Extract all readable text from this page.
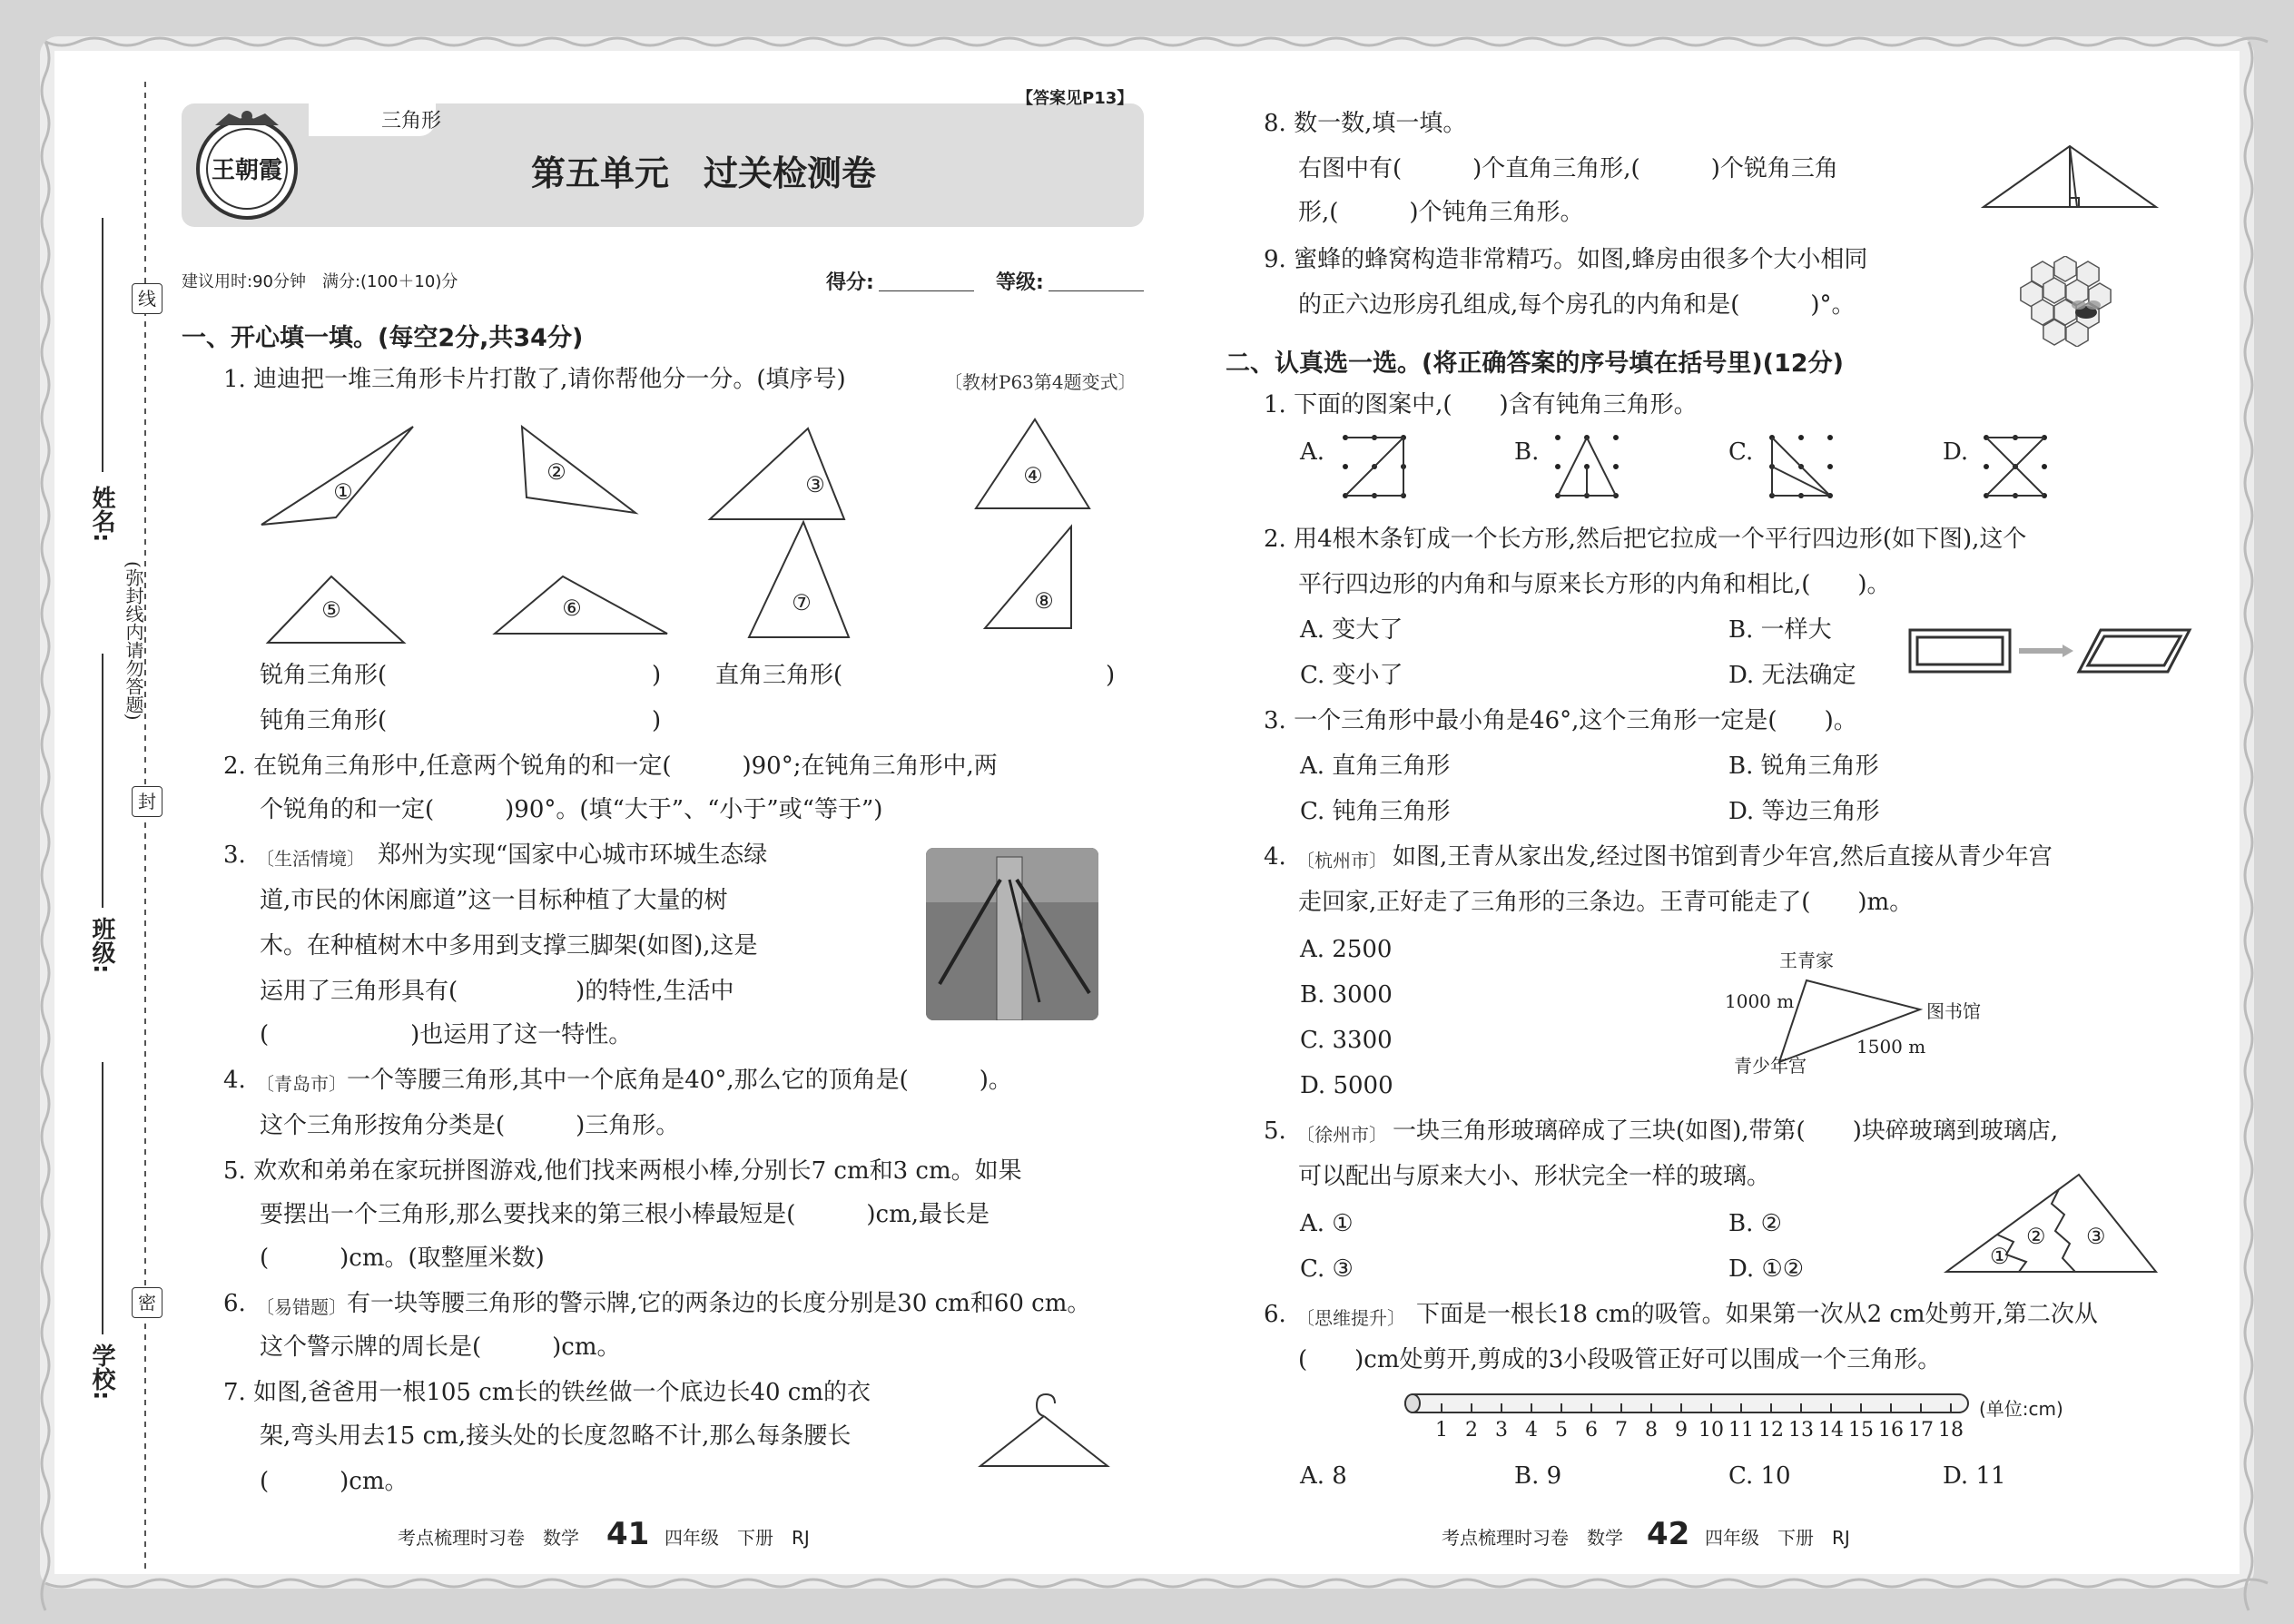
线
封
密
(弥封线内请勿答题)
姓名:
班级:
学校:
三角形
【答案见P13】
王朝霞	第五单元　过关检测卷
建议用时:90分钟　满分:(100＋10)分	得分:	等级:
一、开心填一填。(每空2分,共34分)
1. 迪迪把一堆三角形卡片打散了,请你帮他分一分。(填序号)	〔教材P63第4题变式〕
①
②	③	④
⑤	⑥	⑦	⑧
锐角三角形(	) 直角三角形(	)
钝角三角形(	)
2. 在锐角三角形中,任意两个锐角的和一定(　　　)90°;在钝角三角形中,两
个锐角的和一定(　　　)90°。(填“大于”、“小于”或“等于”)
3. 〔生活情境〕 郑州为实现“国家中心城市环城生态绿
道,市民的休闲廊道”这一目标种植了大量的树
木。在种植树木中多用到支撑三脚架(如图),这是
运用了三角形具有(　　　　　)的特性,生活中
(　　　　　　)也运用了这一特性。
4. 〔青岛市〕 一个等腰三角形,其中一个底角是40°,那么它的顶角是(　　　)。
这个三角形按角分类是(　　　)三角形。
5. 欢欢和弟弟在家玩拼图游戏,他们找来两根小棒,分别长7 cm和3 cm。如果
要摆出一个三角形,那么要找来的第三根小棒最短是(　　　)cm,最长是
(　　　)cm。(取整厘米数)
6. 〔易错题〕 有一块等腰三角形的警示牌,它的两条边的长度分别是30 cm和60 cm。
这个警示牌的周长是(　　　)cm。
7. 如图,爸爸用一根105 cm长的铁丝做一个底边长40 cm的衣
架,弯头用去15 cm,接头处的长度忽略不计,那么每条腰长
(　　　)cm。
考点梳理时习卷　数学 41 四年级　下册　RJ
8. 数一数,填一填。
右图中有(　　　)个直角三角形,(　　　)个锐角三角
形,(　　　)个钝角三角形。
9. 蜜蜂的蜂窝构造非常精巧。如图,蜂房由很多个大小相同
的正六边形房孔组成,每个房孔的内角和是(　　　)°。
二、认真选一选。(将正确答案的序号填在括号里)(12分)
1. 下面的图案中,(　　)含有钝角三角形。
A.	B.	C.	D.
2. 用4根木条钉成一个长方形,然后把它拉成一个平行四边形(如下图),这个
平行四边形的内角和与原来长方形的内角和相比,(　　)。
A. 变大了	B. 一样大
C. 变小了	D. 无法确定
3. 一个三角形中最小角是46°,这个三角形一定是(　　)。
A. 直角三角形	B. 锐角三角形
C. 钝角三角形	D. 等边三角形
4. 〔杭州市〕 如图,王青从家出发,经过图书馆到青少年宫,然后直接从青少年宫
走回家,正好走了三角形的三条边。王青可能走了(　　)m。
A. 2500
B. 3000
C. 3300
D. 5000
王青家
1000 m
1500 m
图书馆
青少年宫
5. 〔徐州市〕 一块三角形玻璃碎成了三块(如图),带第(　　)块碎玻璃到玻璃店,
可以配出与原来大小、形状完全一样的玻璃。
A. ①	B. ②
C. ③	D. ①②	①
② ③
6. 〔思维提升〕 下面是一根长18 cm的吸管。如果第一次从2 cm处剪开,第二次从
(　　)cm处剪开,剪成的3小段吸管正好可以围成一个三角形。
1 2 3 4 5 6 7 8 9 10 11 12 13 14 15 16 17 18
(单位:cm)
A. 8	B. 9	C. 10	D. 11
考点梳理时习卷　数学 42 四年级　下册　RJ
